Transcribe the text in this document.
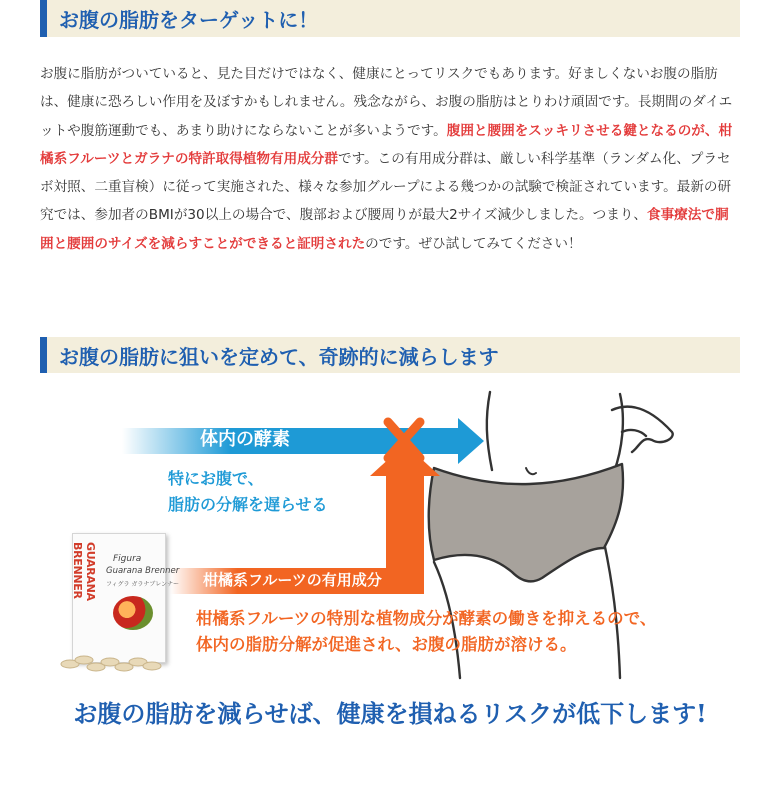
お腹の脂肪をターゲットに！
お腹に脂肪がついていると、見た目だけではなく、健康にとってリスクでもあります。好ましくないお腹の脂肪は、健康に恐ろしい作用を及ぼすかもしれません。残念ながら、お腹の脂肪はとりわけ頑固です。長期間のダイエットや腹筋運動でも、あまり助けにならないことが多いようです。腹囲と腰囲をスッキリさせる鍵となるのが、柑橘系フルーツとガラナの特許取得植物有用成分群です。この有用成分群は、厳しい科学基準（ランダム化、プラセボ対照、二重盲検）に従って実施された、様々な参加グループによる幾つかの試験で検証されています。最新の研究では、参加者のBMIが30以上の場合で、腹部および腰周りが最大2サイズ減少しました。つまり、食事療法で胴囲と腰囲のサイズを減らすことができると証明されたのです。ぜひ試してみてください！
お腹の脂肪に狙いを定めて、奇跡的に減らします
体内の酵素
特にお腹で、
脂肪の分解を遅らせる
GUARANA BRENNER	Figura
Guarana Brenner
フィグラ ガラナブレンナー 柑橘系フルーツの有用成分
柑橘系フルーツの特別な植物成分が酵素の働きを抑えるので、
体内の脂肪分解が促進され、お腹の脂肪が溶ける。
お腹の脂肪を減らせば、健康を損ねるリスクが低下します!
